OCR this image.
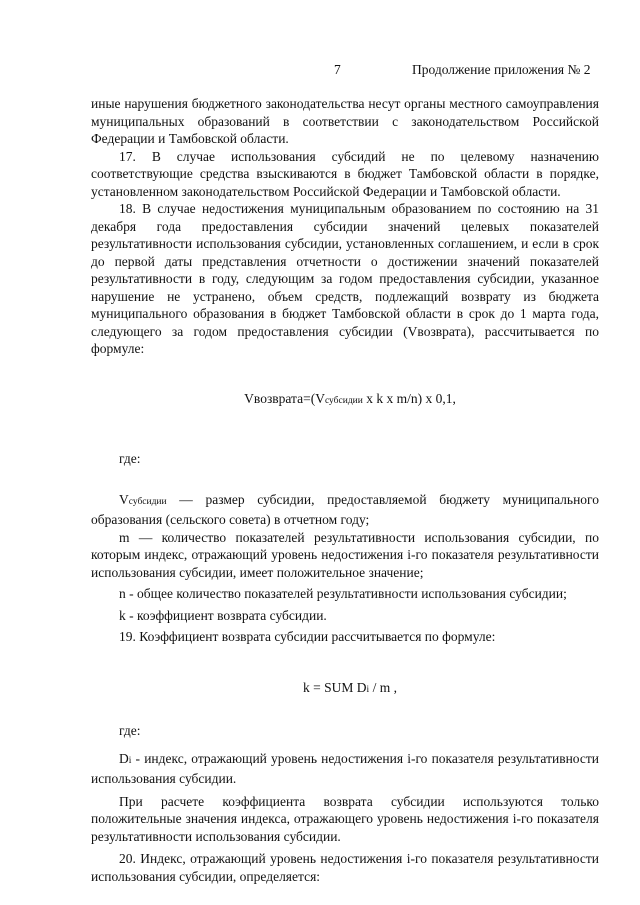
7	Продолжение приложения № 2

иные нарушения бюджетного законодательства несут органы местного самоуправления муниципальных образований в соответствии с законодательством Российской Федерации и Тамбовской области.

17. В случае использования субсидий не по целевому назначению соответствующие средства взыскиваются в бюджет Тамбовской области в порядке, установленном законодательством Российской Федерации и Тамбовской области.

18. В случае недостижения муниципальным образованием по состоянию на 31 декабря года предоставления субсидии значений целевых показателей результативности использования субсидии, установленных соглашением, и если в срок до первой даты представления отчетности о достижении значений показателей результативности в году, следующим за годом предоставления субсидии, указанное нарушение не устранено, объем средств, подлежащий возврату из бюджета муниципального образования в бюджет Тамбовской области в срок до 1 марта года, следующего за годом предоставления субсидии (Vвозврата), рассчитывается по формуле:

Vвозврата=(Vсубсидии x k x m/n) x 0,1,

где:

Vсубсидии — размер субсидии, предоставляемой бюджету муниципального образования (сельского совета) в отчетном году;

m — количество показателей результативности использования субсидии, по которым индекс, отражающий уровень недостижения i-го показателя результативности использования субсидии, имеет положительное значение;

n - общее количество показателей результативности использования субсидии;

k - коэффициент возврата субсидии.

19. Коэффициент возврата субсидии рассчитывается по формуле:

k = SUM Di / m ,

где:

Di - индекс, отражающий уровень недостижения i-го показателя результативности использования субсидии.

При расчете коэффициента возврата субсидии используются только положительные значения индекса, отражающего уровень недостижения i-го показателя результативности использования субсидии.

20. Индекс, отражающий уровень недостижения i-го показателя результативности использования субсидии, определяется:
